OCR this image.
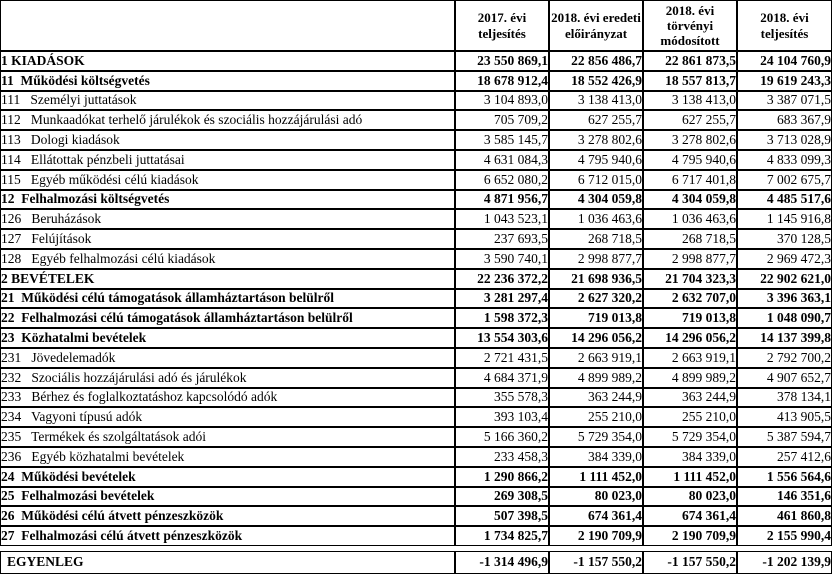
	2017. évi teljesítés	2018. évi eredeti előirányzat	2018. évi törvényi módosított	2018. évi teljesítés
1 KIADÁSOK	23 550 869,1	22 856 486,7	22 861 873,5	24 104 760,9
11  Működési költségvetés	18 678 912,4	18 552 426,9	18 557 813,7	19 619 243,3
111   Személyi juttatások	3 104 893,0	3 138 413,0	3 138 413,0	3 387 071,5
112   Munkaadókat terhelő járulékok és szociális hozzájárulási adó	705 709,2	627 255,7	627 255,7	683 367,9
113   Dologi kiadások	3 585 145,7	3 278 802,6	3 278 802,6	3 713 028,9
114   Ellátottak pénzbeli juttatásai	4 631 084,3	4 795 940,6	4 795 940,6	4 833 099,3
115   Egyéb működési célú kiadások	6 652 080,2	6 712 015,0	6 717 401,8	7 002 675,7
12  Felhalmozási költségvetés	4 871 956,7	4 304 059,8	4 304 059,8	4 485 517,6
126   Beruházások	1 043 523,1	1 036 463,6	1 036 463,6	1 145 916,8
127   Felújítások	237 693,5	268 718,5	268 718,5	370 128,5
128   Egyéb felhalmozási célú kiadások	3 590 740,1	2 998 877,7	2 998 877,7	2 969 472,3
2 BEVÉTELEK	22 236 372,2	21 698 936,5	21 704 323,3	22 902 621,0
21  Működési célú támogatások államháztartáson belülről	3 281 297,4	2 627 320,2	2 632 707,0	3 396 363,1
22  Felhalmozási célú támogatások államháztartáson belülről	1 598 372,3	719 013,8	719 013,8	1 048 090,7
23  Közhatalmi bevételek	13 554 303,6	14 296 056,2	14 296 056,2	14 137 399,8
231   Jövedelemadók	2 721 431,5	2 663 919,1	2 663 919,1	2 792 700,2
232   Szociális hozzájárulási adó és járulékok	4 684 371,9	4 899 989,2	4 899 989,2	4 907 652,7
233   Bérhez és foglalkoztatáshoz kapcsolódó adók	355 578,3	363 244,9	363 244,9	378 134,1
234   Vagyoni típusú adók	393 103,4	255 210,0	255 210,0	413 905,5
235   Termékek és szolgáltatások adói	5 166 360,2	5 729 354,0	5 729 354,0	5 387 594,7
236   Egyéb közhatalmi bevételek	233 458,3	384 339,0	384 339,0	257 412,6
24  Működési bevételek	1 290 866,2	1 111 452,0	1 111 452,0	1 556 564,6
25  Felhalmozási bevételek	269 308,5	80 023,0	80 023,0	146 351,6
26  Működési célú átvett pénzeszközök	507 398,5	674 361,4	674 361,4	461 860,8
27  Felhalmozási célú átvett pénzeszközök	1 734 825,7	2 190 709,9	2 190 709,9	2 155 990,4
EGYENLEG	-1 314 496,9	-1 157 550,2	-1 157 550,2	-1 202 139,9
